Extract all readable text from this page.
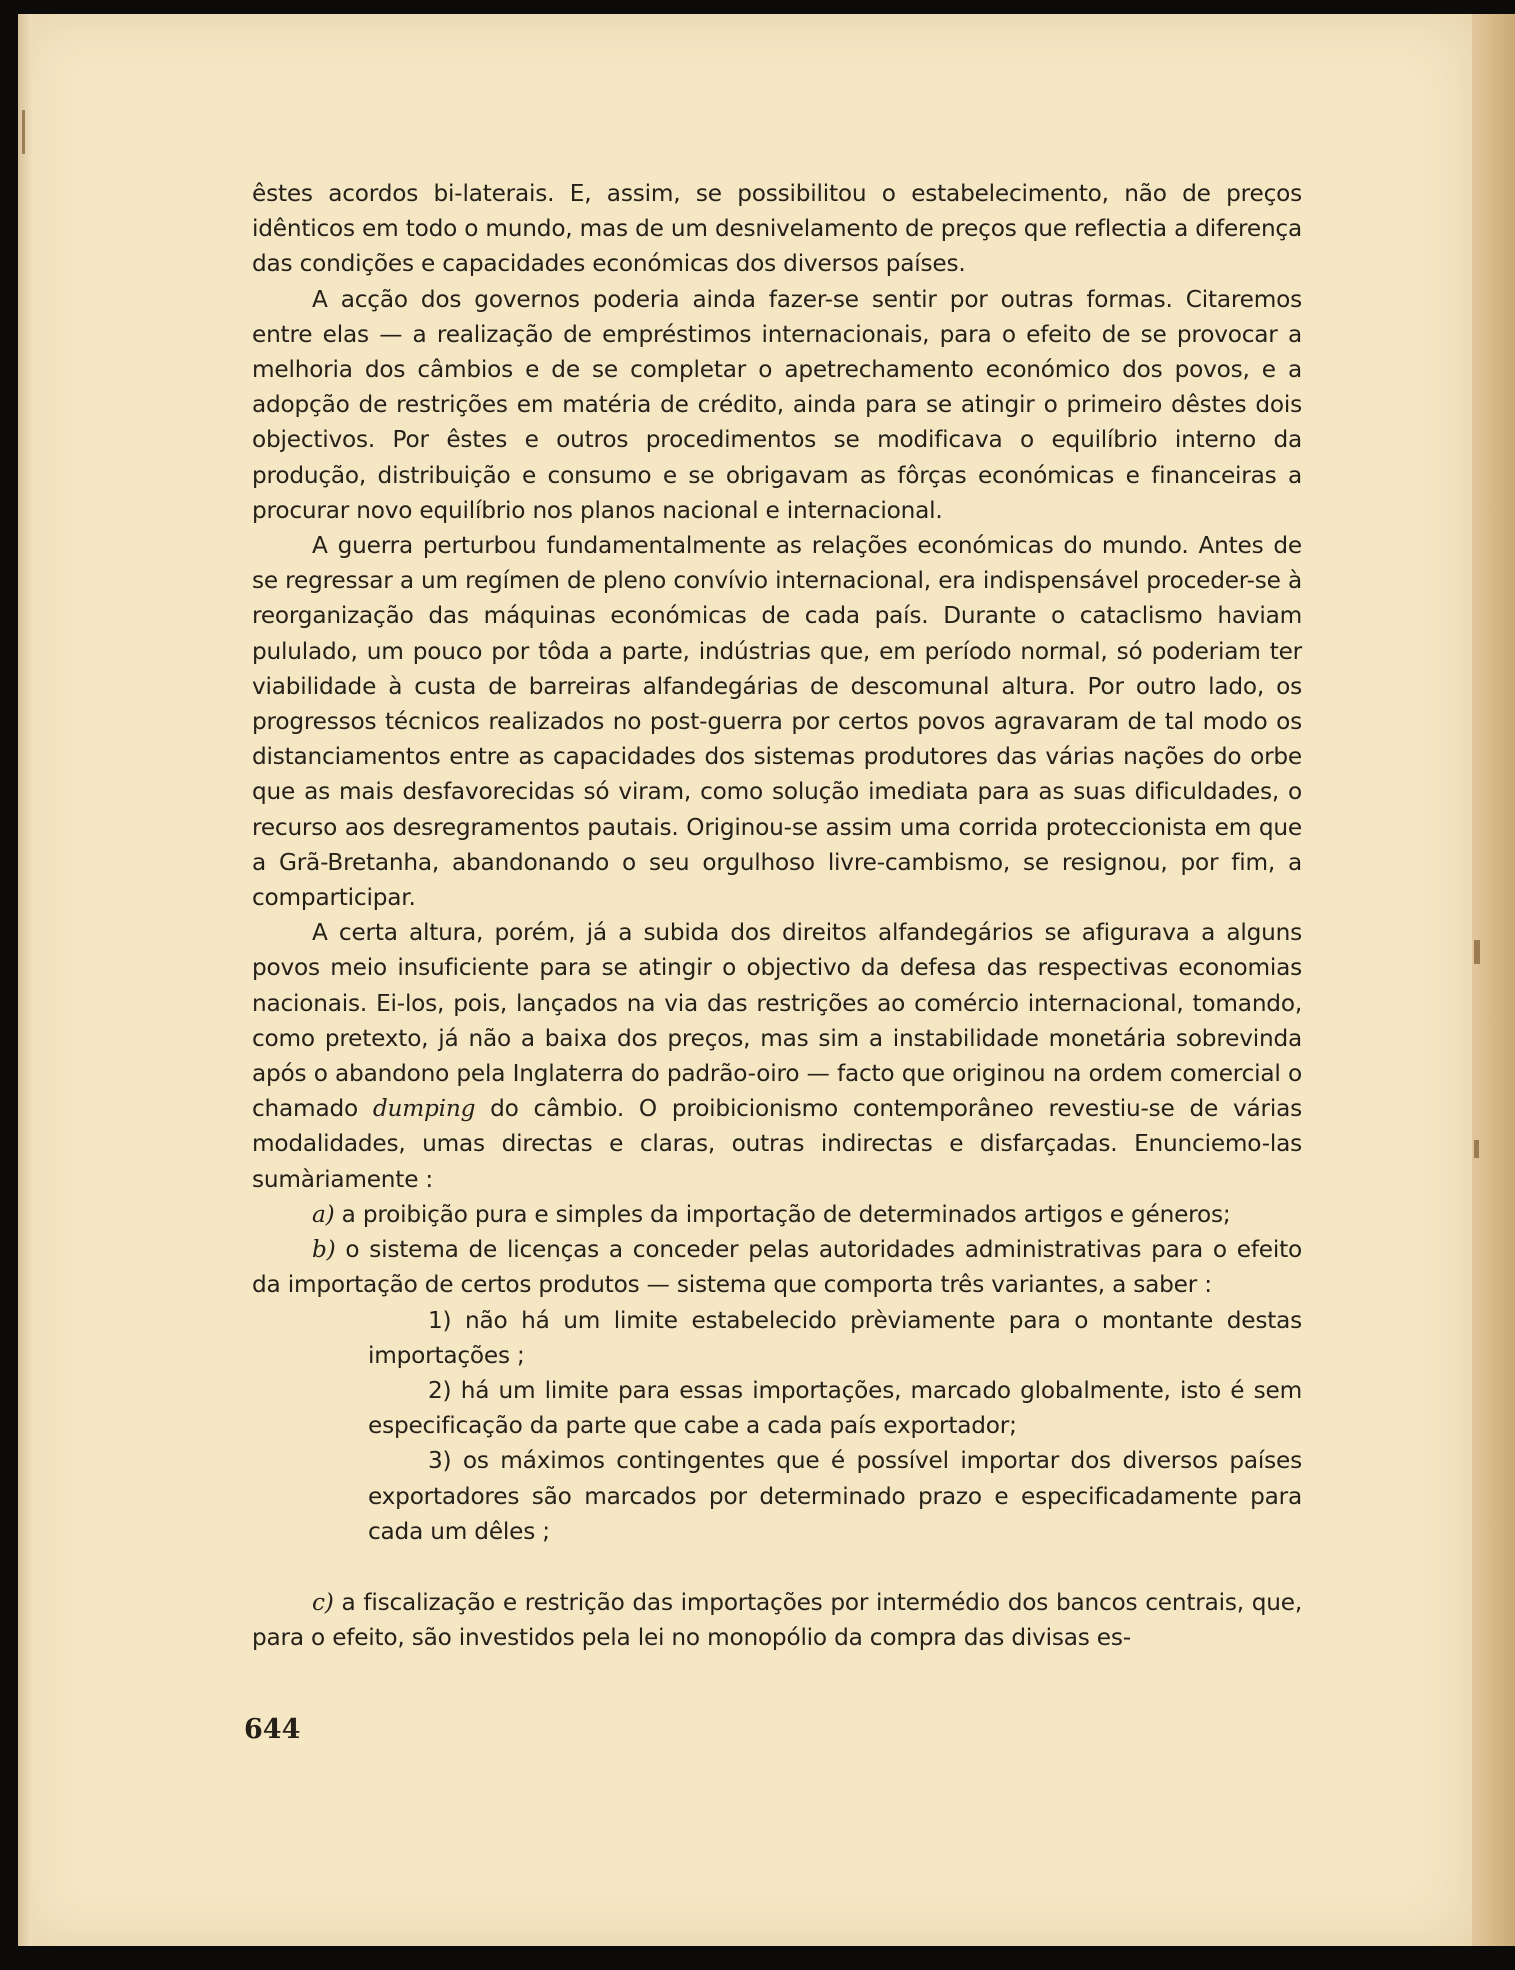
êstes acordos bi-laterais. E, assim, se possibilitou o estabelecimento, não de preços idênticos em todo o mundo, mas de um desnivelamento de preços que reflectia a diferença das condições e capacidades económicas dos diversos países.

A acção dos governos poderia ainda fazer-se sentir por outras formas. Citaremos entre elas — a realização de empréstimos internacionais, para o efeito de se provocar a melhoria dos câmbios e de se completar o apetrechamento económico dos povos, e a adopção de restrições em matéria de crédito, ainda para se atingir o primeiro dêstes dois objectivos. Por êstes e outros procedimentos se modificava o equilíbrio interno da produção, distribuição e consumo e se obrigavam as fôrças económicas e financeiras a procurar novo equilíbrio nos planos nacional e internacional.

A guerra perturbou fundamentalmente as relações económicas do mundo. Antes de se regressar a um regímen de pleno convívio internacional, era indispensável proceder-se à reorganização das máquinas económicas de cada país. Durante o cataclismo haviam pululado, um pouco por tôda a parte, indústrias que, em período normal, só poderiam ter viabilidade à custa de barreiras alfandegárias de descomunal altura. Por outro lado, os progressos técnicos realizados no post-guerra por certos povos agravaram de tal modo os distanciamentos entre as capacidades dos sistemas produtores das várias nações do orbe que as mais desfavorecidas só viram, como solução imediata para as suas dificuldades, o recurso aos desregramentos pautais. Originou-se assim uma corrida proteccionista em que a Grã-Bretanha, abandonando o seu orgulhoso livre-cambismo, se resignou, por fim, a comparticipar.

A certa altura, porém, já a subida dos direitos alfandegários se afigurava a alguns povos meio insuficiente para se atingir o objectivo da defesa das respectivas economias nacionais. Ei-los, pois, lançados na via das restrições ao comércio internacional, tomando, como pretexto, já não a baixa dos preços, mas sim a instabilidade monetária sobrevinda após o abandono pela Inglaterra do padrão-oiro — facto que originou na ordem comercial o chamado dumping do câmbio. O proibicionismo contemporâneo revestiu-se de várias modalidades, umas directas e claras, outras indirectas e disfarçadas. Enunciemo-las sumàriamente :

a) a proibição pura e simples da importação de determinados artigos e géneros;

b) o sistema de licenças a conceder pelas autoridades administrativas para o efeito da importação de certos produtos — sistema que comporta três variantes, a saber :

1) não há um limite estabelecido prèviamente para o montante destas importações ;

2) há um limite para essas importações, marcado globalmente, isto é sem especificação da parte que cabe a cada país exportador;

3) os máximos contingentes que é possível importar dos diversos países exportadores são marcados por determinado prazo e especificadamente para cada um dêles ;

c) a fiscalização e restrição das importações por intermédio dos bancos centrais, que, para o efeito, são investidos pela lei no monopólio da compra das divisas es-

644
